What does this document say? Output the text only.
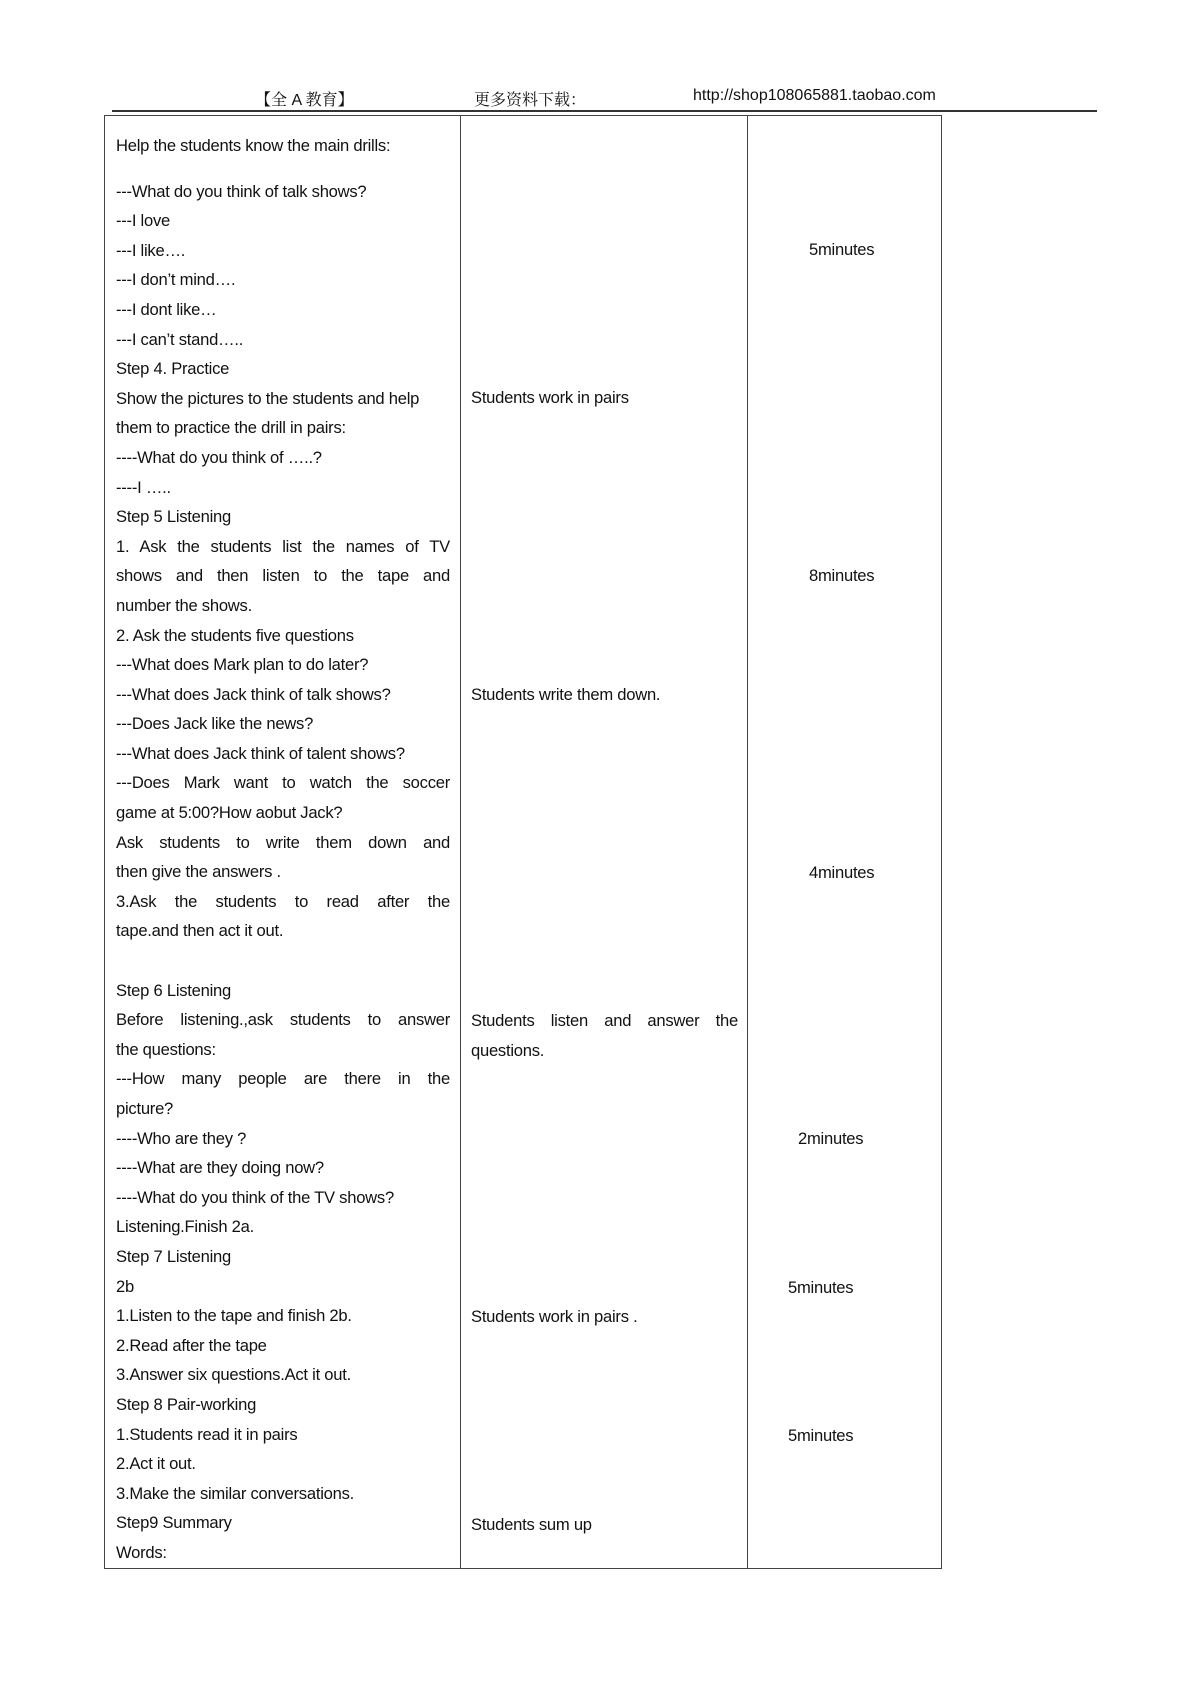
【全 A 教育】	更多资料下载：	http://shop108065881.taobao.com
Help the students know the main drills:
---What do you think of talk shows?
---I love
---I like….
---I don’t mind….
---I dont like…
---I can’t stand…..
Step 4. Practice
Show the pictures to the students and help
them to practice the drill in pairs:
----What do you think of …..?
----I …..
Step 5 Listening
1. Ask the students list the names of TV
shows and then listen to the tape and
number the shows.
2. Ask the students five questions
---What does Mark plan to do later?
---What does Jack think of talk shows?
---Does Jack like the news?
---What does Jack think of talent shows?
---Does Mark want to watch the soccer
game at 5:00?How aobut Jack?
Ask students to write them down and
then give the answers .
3.Ask the students to read after the
tape.and then act it out.
Step 6 Listening
Before listening.,ask students to answer
the questions:
---How many people are there in the
picture?
----Who are they ?
----What are they doing now?
----What do you think of the TV shows?
Listening.Finish 2a.
Step 7 Listening
2b
1.Listen to the tape and finish 2b.
2.Read after the tape
3.Answer six questions.Act it out.
Step 8 Pair-working
1.Students read it in pairs
2.Act it out.
3.Make the similar conversations.
Step9 Summary
Words:
Students work in pairs
Students write them down.
Students listen and answer the
questions.
Students work in pairs .
Students sum up
5minutes
8minutes
4minutes
2minutes
5minutes
5minutes
